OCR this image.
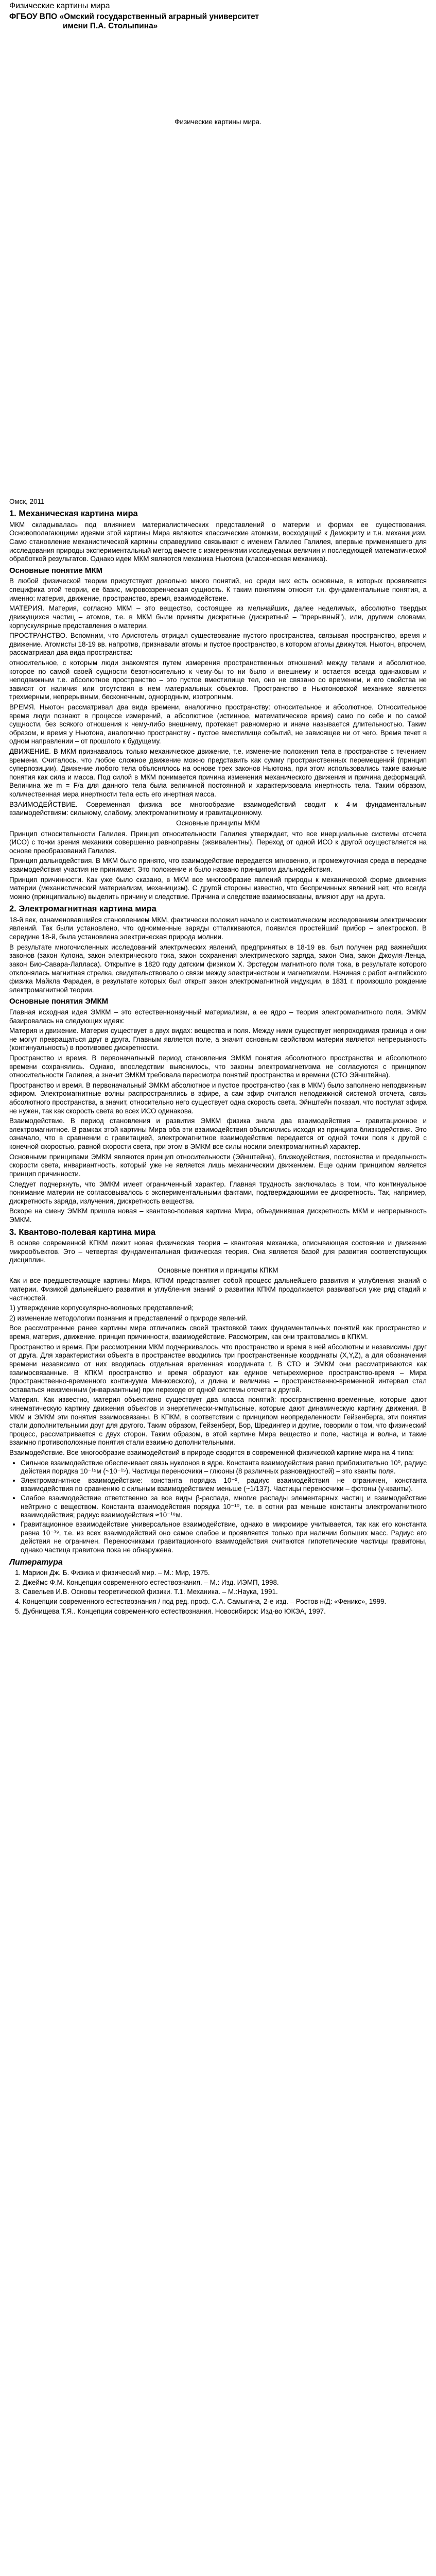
Физические картины мира
ФГБОУ ВПО «Омский государственный аграрный университет
имени П.А. Столыпина»
Физические картины мира.
Омск, 2011
1. Механическая картина мира

МКМ складывалась под влиянием материалистических представлений о материи и формах ее существования. Основополагающими идеями этой картины Мира являются классические атомизм, восходящий к Демокриту и т.н. механицизм. Само становление механистической картины справедливо связывают с именем Галилео Галилея, впервые применившего для исследования природы экспериментальный метод вместе с измерениями исследуемых величин и последующей математической обработкой результатов. Однако идеи МКМ являются механика Ньютона (классическая механика).

Основные понятие МКМ

В любой физической теории присутствует довольно много понятий, но среди них есть основные, в которых проявляется специфика этой теории, ее базис, мировоззренческая сущность. К таким понятиям относят т.н. фундаментальные понятия, а именно: материя, движение, пространство, время, взаимодействие.

МАТЕРИЯ. Материя, согласно МКМ – это вещество, состоящее из мельчайших, далее неделимых, абсолютно твердых движущихся частиц – атомов, т.е. в МКМ были приняты дискретные (дискретный – "прерывный"), или, другими словами, корпускулярные представления о материи.

ПРОСТРАНСТВО. Вспомним, что Аристотель отрицал существование пустого пространства, связывая пространство, время и движение. Атомисты 18-19 вв. напротив, признавали атомы и пустое пространство, в котором атомы движутся. Ньютон, впрочем, рассматривал два вида пространства:

относительное, с которым люди знакомятся путем измерения пространственных отношений между телами и абсолютное, которое по самой своей сущности безотносительно к чему-бы то ни было и внешнему и остается всегда одинаковым и неподвижным т.е. абсолютное пространство – это пустое вместилище тел, оно не связано со временем, и его свойства не зависят от наличия или отсутствия в нем материальных объектов. Пространство в Ньютоновской механике является трехмерным, непрерывным, бесконечным, однородным, изотропным.

ВРЕМЯ. Ньютон рассматривал два вида времени, аналогично пространству: относительное и абсолютное. Относительное время люди познают в процессе измерений, а абсолютное (истинное, математическое время) само по себе и по самой сущности, без всякого отношения к чему-либо внешнему, протекает равномерно и иначе называется длительностью. Таким образом, и время у Ньютона, аналогично пространству - пустое вместилище событий, не зависящее ни от чего. Время течет в одном направлении – от прошлого к будущему.

ДВИЖЕНИЕ. В МКМ признавалось только механическое движение, т.е. изменение положения тела в пространстве с течением времени. Считалось, что любое сложное движение можно представить как сумму пространственных перемещений (принцип суперпозиции). Движение любого тела объяснялось на основе трех законов Ньютона, при этом использовались такие важные понятия как сила и масса. Под силой в МКМ понимается причина изменения механического движения и причина деформаций. Величина же m = F/a для данного тела была величиной постоянной и характеризовала инертность тела. Таким образом, количественная мера инертности тела есть его инертная масса.

ВЗАИМОДЕЙСТВИЕ. Современная физика все многообразие взаимодействий сводит к 4-м фундаментальным взаимодействиям: сильному, слабому, электромагнитному и гравитационному.

Основные принципы МКМ

Принцип относительности Галилея. Принцип относительности Галилея утверждает, что все инерциальные системы отсчета (ИСО) с точки зрения механики совершенно равноправны (эквивалентны). Переход от одной ИСО к другой осуществляется на основе преобразований Галилея.

Принцип дальнодействия. В МКМ было принято, что взаимодействие передается мгновенно, и промежуточная среда в передаче взаимодействия участия не принимает. Это положение и было названо принципом дальнодействия.

Принцип причинности. Как уже было сказано, в МКМ все многообразие явлений природы к механической форме движения материи (механистический материализм, механицизм). С другой стороны известно, что беспричинных явлений нет, что всегда можно (принципиально) выделить причину и следствие. Причина и следствие взаимосвязаны, влияют друг на друга.

2. Электромагнитная картина мира

18-й век, ознаменовавшийся становлением МКМ, фактически положил начало и систематическим исследованиям электрических явлений. Так были установлено, что одноименные заряды отталкиваются, появился простейший прибор – электроскоп. В середине 18-й, была установлена электрическая природа молнии.

В результате многочисленных исследований электрических явлений, предпринятых в 18-19 вв. был получен ряд важнейших законов (закон Кулона, закон электрического тока, закон сохранения электрического заряда, закон Ома, закон Джоуля-Ленца, закон Био-Савара-Лапласа). Открытие в 1820 году датским физиком Х. Эрстедом магнитного поля тока, в результате которого отклонялась магнитная стрелка, свидетельствовало о связи между электричеством и магнетизмом. Начиная с работ английского физика Майкла Фарадея, в результате которых был открыт закон электромагнитной индукции, в 1831 г. произошло рождение электромагнитной теории.

Основные понятия ЭМКМ

Главная исходная идея ЭМКМ – это естественнонаучный материализм, а ее ядро – теория электромагнитного поля. ЭМКМ базировалась на следующих идеях:

Материя и движение. Материя существует в двух видах: вещества и поля. Между ними существует непроходимая граница и они не могут превращаться друг в друга. Главным является поле, а значит основным свойством материи является непрерывность (континуальность) в противовес дискретности.

Пространство и время. В первоначальный период становления ЭМКМ понятия абсолютного пространства и абсолютного времени сохранялись. Однако, впоследствии выяснилось, что законы электромагнетизма не согласуются с принципом относительности Галилея, а значит ЭМКМ требовала пересмотра понятий пространства и времени (СТО Эйнштейна).

Пространство и время. В первоначальный ЭМКМ абсолютное и пустое пространство (как в МКМ) было заполнено неподвижным эфиром. Электромагнитные волны распространялись в эфире, а сам эфир считался неподвижной системой отсчета, связь абсолютного пространства, а значит, относительно него существует одна скорость света. Эйнштейн показал, что постулат эфира не нужен, так как скорость света во всех ИСО одинакова.

Взаимодействие. В период становления и развития ЭМКМ физика знала два взаимодействия – гравитационное и электромагнитное. В рамках этой картины Мира оба эти взаимодействия объяснялись исходя из принципа близкодействия. Это означало, что в сравнении с гравитацией, электромагнитное взаимодействие передается от одной точки поля к другой с конечной скоростью, равной скорости света, при этом в ЭМКМ все силы носили электромагнитный характер.

Основными принципами ЭМКМ являются принцип относительности (Эйнштейна), близкодействия, постоянства и предельность скорости света, инвариантность, который уже не является лишь механическим движением. Еще одним принципом является принцип причинности.

Следует подчеркнуть, что ЭМКМ имеет ограниченный характер. Главная трудность заключалась в том, что континуальное понимание материи не согласовывалось с экспериментальными фактами, подтверждающими ее дискретность. Так, например, дискретность заряда, излучения, дискретность вещества.

Вскоре на смену ЭМКМ пришла новая – квантово-полевая картина Мира, объединившая дискретность МКМ и непрерывность ЭМКМ.

3. Квантово-полевая картина мира

В основе современной КПКМ лежит новая физическая теория – квантовая механика, описывающая состояние и движение микрообъектов. Это – четвертая фундаментальная физическая теория. Она является базой для развития соответствующих дисциплин.

Основные понятия и принципы КПКМ

Как и все предшествующие картины Мира, КПКМ представляет собой процесс дальнейшего развития и углубления знаний о материи. Физикой дальнейшего развития и углубления знаний о развитии КПКМ продолжается развиваться уже ряд стадий и частностей.

1) утверждение корпускулярно-волновых представлений;

2) изменение методологии познания и представлений о природе явлений.

Все рассмотренные ранее картины мира отличались своей трактовкой таких фундаментальных понятий как пространство и время, материя, движение, принцип причинности, взаимодействие. Рассмотрим, как они трактовались в КПКМ.

Пространство и время. При рассмотрении МКМ подчеркивалось, что пространство и время в ней абсолютны и независимы друг от друга. Для характеристики объекта в пространстве вводились три пространственные координаты (X,Y,Z), а для обозначения времени независимо от них вводилась отдельная временная координата t. В СТО и ЭМКМ они рассматриваются как взаимосвязанные. В КПКМ пространство и время образуют как единое четырехмерное пространство-время – Мира (пространственно-временного континуума Минковского), и длина и величина – пространственно-временной интервал стал оставаться неизменным (инвариантным) при переходе от одной системы отсчета к другой.

Материя. Как известно, материя объективно существует два класса понятий: пространственно-временные, которые дают кинематическую картину движения объектов и энергетически-импульсные, которые дают динамическую картину движения. В МКМ и ЭМКМ эти понятия взаимосвязаны. В КПКМ, в соответствии с принципом неопределенности Гейзенберга, эти понятия стали дополнительными друг для другого. Таким образом, Гейзенберг, Бор, Шредингер и другие, говорили о том, что физический процесс, рассматривается с двух сторон. Таким образом, в этой картине Мира вещество и поле, частица и волна, и такие взаимно противоположные понятия стали взаимно дополнительными.

Взаимодействие. Все многообразие взаимодействий в природе сводится в современной физической картине мира на 4 типа:

• Сильное взаимодействие обеспечивает связь нуклонов в ядре. Константа взаимодействия равно приблизительно 10⁰, радиус действия порядка 10⁻¹⁵м (~10⁻¹⁵). Частицы переносчики – глюоны (8 различных разновидностей) – это кванты поля.
• Электромагнитное взаимодействие: константа порядка 10⁻², радиус взаимодействия не ограничен, константа взаимодействия по сравнению с сильным взаимодействием меньше (~1/137). Частицы переносчики – фотоны (γ-кванты).
• Слабое взаимодействие ответственно за все виды β-распада, многие распады элементарных частиц и взаимодействие нейтрино с веществом. Константа взаимодействия порядка 10⁻¹⁰, т.е. в сотни раз меньше константы электромагнитного взаимодействия; радиус взаимодействия ≈10⁻¹⁸м.
• Гравитационное взаимодействие универсальное взаимодействие, однако в микромире учитывается, так как его константа равна 10⁻³⁹, т.е. из всех взаимодействий оно самое слабое и проявляется только при наличии больших масс. Радиус его действия не ограничен. Переносчиками гравитационного взаимодействия считаются гипотетические частицы гравитоны, однако частица гравитона пока не обнаружена.
Литература
1. Марион Дж. Б. Физика и физический мир. – М.: Мир, 1975.
2. Джеймс Ф.М. Концепции современного естествознания. – М.: Изд. ИЭМП, 1998.
3. Савельев И.В. Основы теоретической физики. Т.1. Механика. – М.:Наука, 1991.
4. Концепции современного естествознания / под ред. проф. С.А. Самыгина, 2-е изд. – Ростов н/Д: «Феникс», 1999.
5. Дубнищева Т.Я.. Концепции современного естествознания. Новосибирск: Изд-во ЮКЭА, 1997.
